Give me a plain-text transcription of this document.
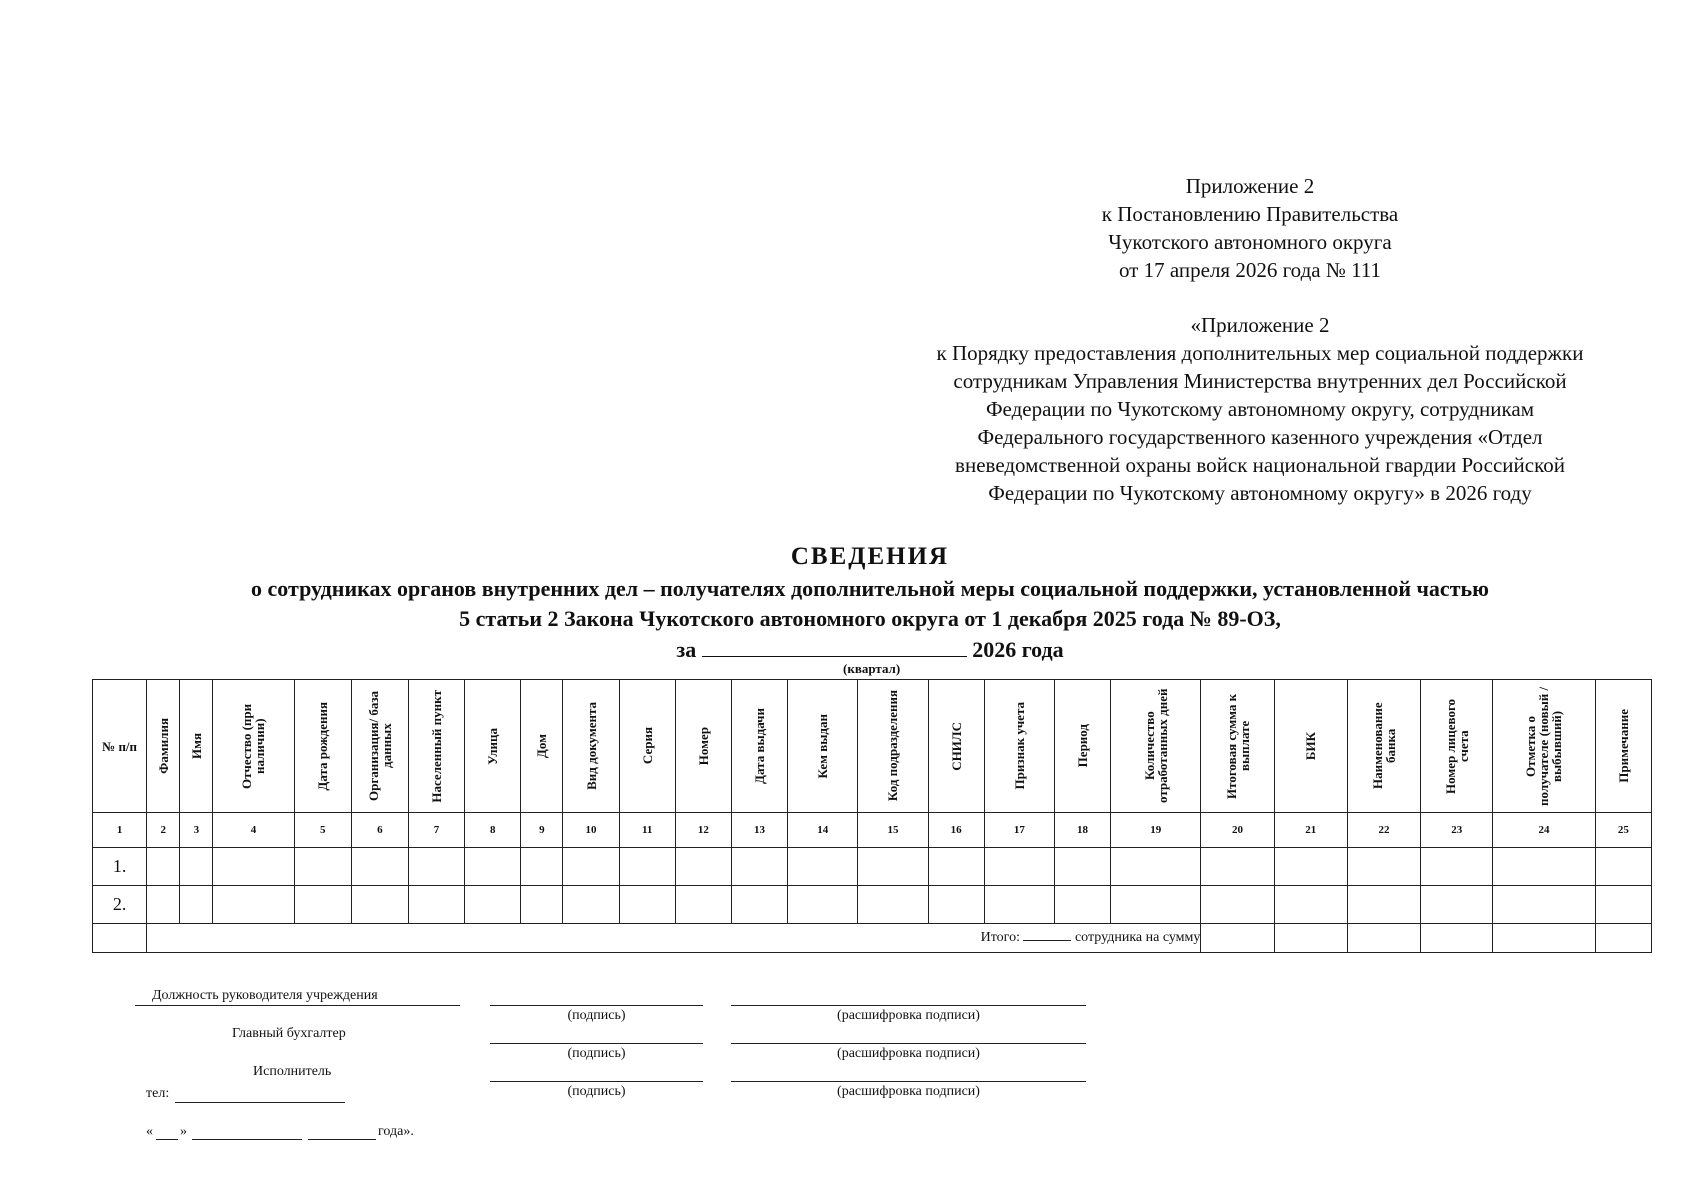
Приложение 2
к Постановлению Правительства
Чукотского автономного округа
от 17 апреля 2026 года № 111
«Приложение 2
к Порядку предоставления дополнительных мер социальной поддержки
сотрудникам Управления Министерства внутренних дел Российской
Федерации по Чукотскому автономному округу, сотрудникам
Федерального государственного казенного учреждения «Отдел
вневедомственной охраны войск национальной гвардии Российской
Федерации по Чукотскому автономному округу» в 2026 году
СВЕДЕНИЯ
о сотрудниках органов внутренних дел – получателях дополнительной меры социальной поддержки, установленной частью
5 статьи 2 Закона Чукотского автономного округа от 1 декабря 2025 года № 89-ОЗ,
за	2026 года
(квартал)
№ п/п	Фамилия	Имя	Отчество (при наличии)	Дата рождения	Организация/ база данных	Населенный пункт	Улица	Дом	Вид документа	Серия	Номер	Дата выдачи	Кем выдан	Код подразделения	СНИЛС	Признак учета	Период	Количество отработанных дней	Итоговая сумма к выплате	БИК	Наименование банка	Номер лицевого счета	Отметка о получателе (новый / выбывший)	Примечание

1	2	3	4	5	6	7	8	9	10	11	12	13	14	15	16	17	18	19	20	21	22	23	24	25
1.																								
2.																								
	Итого: сотрудника на сумму																							
Должность руководителя учреждения
(подпись)	(расшифровка подписи)
Главный бухгалтер
(подпись)	(расшифровка подписи)
Исполнитель
(подпись)	(расшифровка подписи)
тел:
« »	года».
